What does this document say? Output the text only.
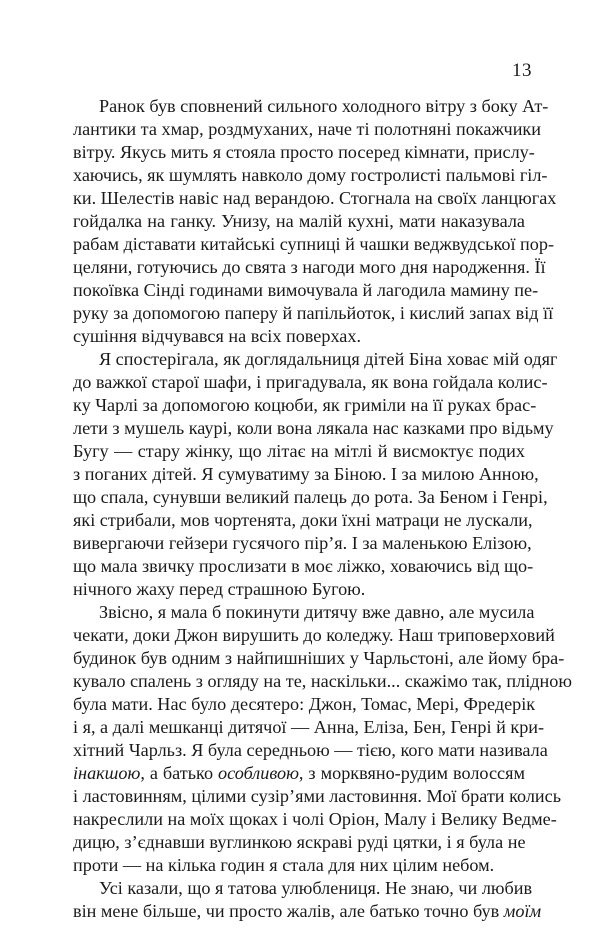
13
Ранок був сповнений сильного холодного вітру з боку Ат-
лантики та хмар, роздмуханих, наче ті полотняні покажчики
вітру. Якусь мить я стояла просто посеред кімнати, прислу-
хаючись, як шумлять навколо дому гостролисті пальмові гіл-
ки. Шелестів навіс над верандою. Стогнала на своїх ланцюгах
гойдалка на ганку. Унизу, на малій кухні, мати наказувала
рабам діставати китайські супниці й чашки веджвудської пор-
целяни, готуючись до свята з нагоди мого дня народження. Її
покоївка Сінді годинами вимочувала й лагодила мамину пе-
руку за допомогою паперу й папільйоток, і кислий запах від її
сушіння відчувався на всіх поверхах.
Я спостерігала, як доглядальниця дітей Біна ховає мій одяг
до важкої старої шафи, і пригадувала, як вона гойдала колис-
ку Чарлі за допомогою коцюби, як гриміли на її руках брас-
лети з мушель каурі, коли вона лякала нас казками про відьму
Бугу — стару жінку, що літає на мітлі й висмоктує подих
з поганих дітей. Я сумуватиму за Біною. І за милою Анною,
що спала, сунувши великий палець до рота. За Беном і Генрі,
які стрибали, мов чортенята, доки їхні матраци не лускали,
вивергаючи гейзери гусячого пір’я. І за маленькою Елізою,
що мала звичку прослизати в моє ліжко, ховаючись від що-
нічного жаху перед страшною Бугою.
Звісно, я мала б покинути дитячу вже давно, але мусила
чекати, доки Джон вирушить до коледжу. Наш триповерховий
будинок був одним з найпишніших у Чарльстоні, але йому бра-
кувало спалень з огляду на те, наскільки... скажімо так, плідною
була мати. Нас було десятеро: Джон, Томас, Мері, Фредерік
і я, а далі мешканці дитячої — Анна, Еліза, Бен, Генрі й кри-
хітний Чарльз. Я була середньою — тією, кого мати називала
інакшою, а батько особливою, з морквяно-рудим волоссям
і ластовинням, цілими сузір’ями ластовиння. Мої брати колись
накреслили на моїх щоках і чолі Оріон, Малу і Велику Ведме-
дицю, з’єднавши вуглинкою яскраві руді цятки, і я була не
проти — на кілька годин я стала для них цілим небом.
Усі казали, що я татова улюблениця. Не знаю, чи любив
він мене більше, чи просто жалів, але батько точно був моїм
